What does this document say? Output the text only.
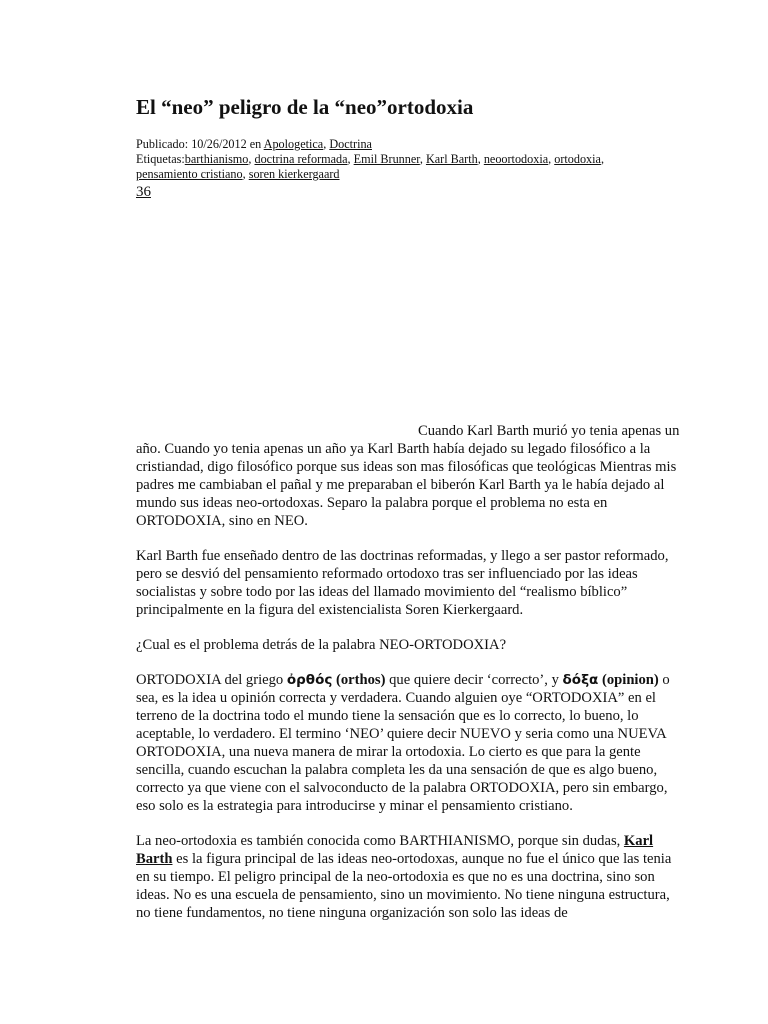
El “neo” peligro de la “neo”ortodoxia
Publicado: 10/26/2012 en Apologetica, Doctrina
Etiquetas:barthianismo, doctrina reformada, Emil Brunner, Karl Barth, neoortodoxia, ortodoxia,
pensamiento cristiano, soren kierkergaard
36

Cuando Karl Barth murió yo tenia apenas un año. Cuando yo tenia apenas un año ya Karl Barth había dejado su legado filosófico a la cristiandad, digo filosófico porque sus ideas son mas filosóficas que teológicas Mientras mis padres me cambiaban el pañal y me preparaban el biberón Karl Barth ya le había dejado al mundo sus ideas neo-ortodoxas. Separo la palabra porque el problema no esta en ORTODOXIA, sino en NEO.

Karl Barth fue enseñado dentro de las doctrinas reformadas, y llego a ser pastor reformado, pero se desvió del pensamiento reformado ortodoxo tras ser influenciado por las ideas socialistas y sobre todo por las ideas del llamado movimiento del “realismo bíblico” principalmente en la figura del existencialista Soren Kierkergaard.

¿Cual es el problema detrás de la palabra NEO-ORTODOXIA?

ORTODOXIA del griego ὀρθός (orthos) que quiere decir ‘correcto’, y δόξα (opinion) o sea, es la idea u opinión correcta y verdadera. Cuando alguien oye “ORTODOXIA” en el terreno de la doctrina todo el mundo tiene la sensación que es lo correcto, lo bueno, lo aceptable, lo verdadero. El termino ‘NEO’ quiere decir NUEVO y seria como una NUEVA ORTODOXIA, una nueva manera de mirar la ortodoxia. Lo cierto es que para la gente sencilla, cuando escuchan la palabra completa les da una sensación de que es algo bueno, correcto ya que viene con el salvoconducto de la palabra ORTODOXIA, pero sin embargo, eso solo es la estrategia para introducirse y minar el pensamiento cristiano.

La neo-ortodoxia es también conocida como BARTHIANISMO, porque sin dudas, Karl Barth es la figura principal de las ideas neo-ortodoxas, aunque no fue el único que las tenia en su tiempo. El peligro principal de la neo-ortodoxia es que no es una doctrina, sino son ideas. No es una escuela de pensamiento, sino un movimiento. No tiene ninguna estructura, no tiene fundamentos, no tiene ninguna organización son solo las ideas de
